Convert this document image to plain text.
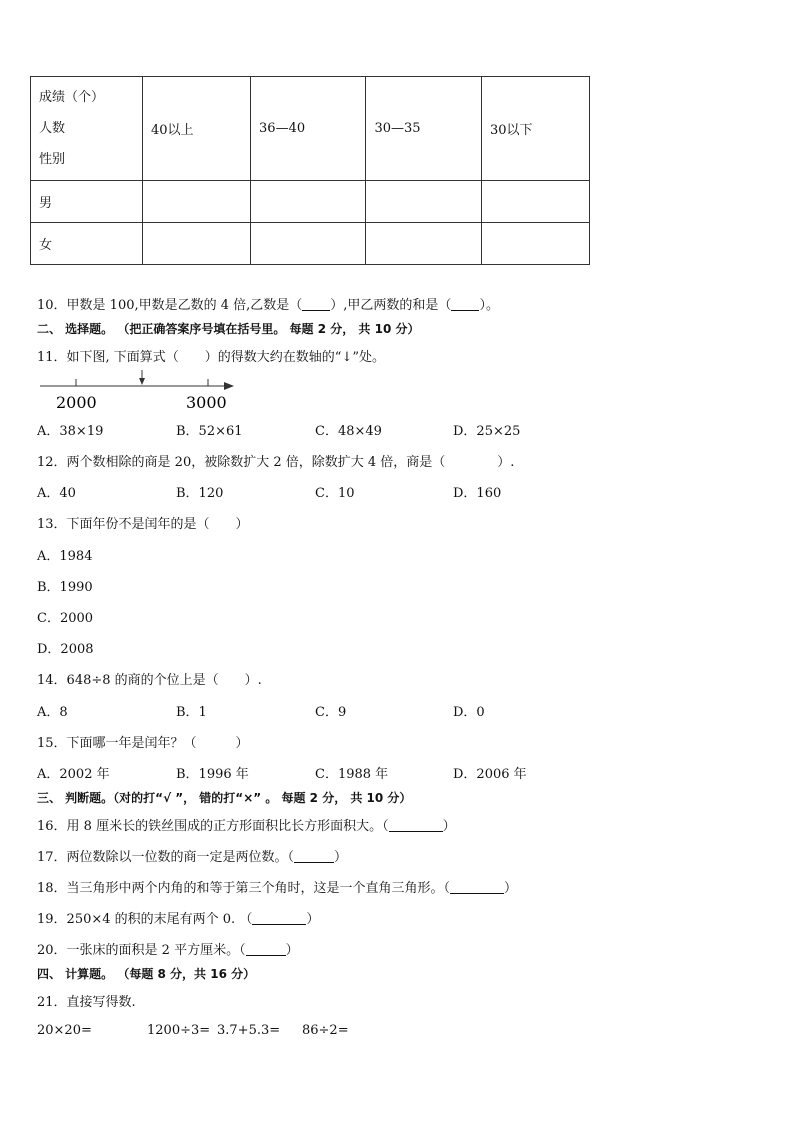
成绩（个）
人数
性别	40以上	36—40	30—35	30以下
男				
女				
10．甲数是 100,甲数是乙数的 4 倍,乙数是（ ）,甲乙两数的和是（ ）。
二、 选择题。 （把正确答案序号填在括号里。 每题 2 分， 共 10 分）
11．如下图, 下面算式（　　）的得数大约在数轴的“↓”处。
2000	3000
A．38×19	B．52×61	C．48×49	D．25×25
12．两个数相除的商是 20，被除数扩大 2 倍，除数扩大 4 倍，商是（　　　　）.
A．40	B．120	C．10	D．160
13．下面年份不是闰年的是（　　）
A．1984
B．1990
C．2000
D．2008
14．648÷8 的商的个位上是（　　）.
A．8	B．1	C．9	D．0
15．下面哪一年是闰年？（　　　）
A．2002 年	B．1996 年	C．1988 年	D．2006 年
三、 判断题。（对的打“√ ”， 错的打“×” 。 每题 2 分， 共 10 分）
16．用 8 厘米长的铁丝围成的正方形面积比长方形面积大。（	）
17．两位数除以一位数的商一定是两位数。（	）
18．当三角形中两个内角的和等于第三个角时，这是一个直角三角形。（	）
19．250×4 的积的末尾有两个 0. （	）
20．一张床的面积是 2 平方厘米。（	）
四、 计算题。 （每题 8 分，共 16 分）
21．直接写得数.
20×20=	1200÷3= 3.7+5.3= 86÷2=
